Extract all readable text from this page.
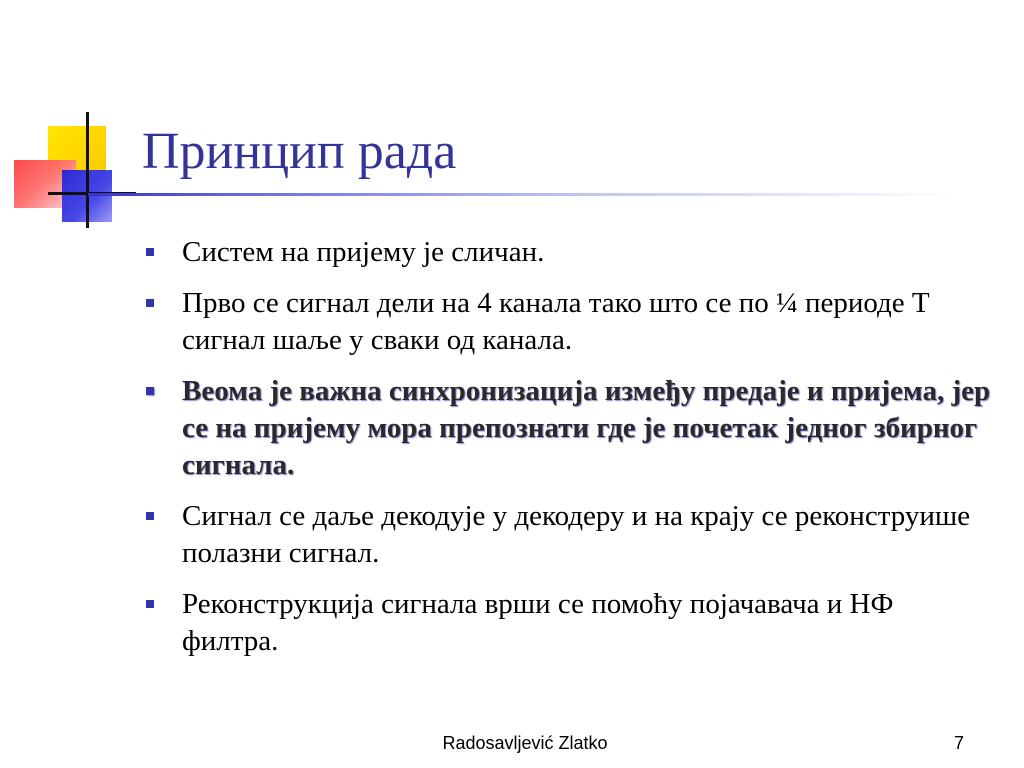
Принцип рада
Систем на пријему је сличан.
Прво се сигнал дели на 4 канала тако што се по ¼ периоде Т сигнал шаље у сваки од канала.
Веома је важна синхронизација између предаје и пријема, јер се на пријему мора препознати где је почетак једног збирног сигнала.
Сигнал се даље декодује у декодеру и на крају се реконструише полазни сигнал.
Реконструкција сигнала врши се помоћу појачавача и НФ филтра.
Radosavljević Zlatko	7
